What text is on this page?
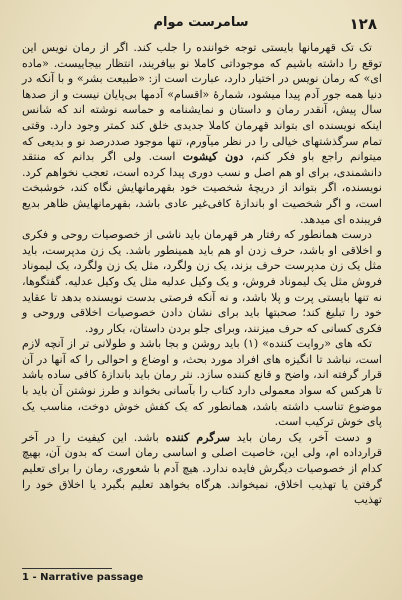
۱۲۸
سامرست موام

تک تک قهرمانها بایستی توجه خواننده را جلب کند. اگر از رمان نویس این توقع را داشته باشیم که موجوداتی کاملا نو بیافریند، انتظار بیجاییست. «ماده اى» که رمان نویس در اختیار دارد، عبارت است از: «طبیعت بشر» و با آنکه در دنیا همه جور آدم پیدا میشود، شمارهٔ «اقسام» آدمها بی‌پایان نیست و از صدها سال پیش، آنقدر رمان و داستان و نمایشنامه و حماسه نوشته اند که شانس اینکه نویسنده ای بتواند قهرمان کاملا جدیدی خلق کند کمتر وجود دارد. وقتی تمام سرگذشتهای خیالی را در نظر میآورم، تنها موجود صددرصد نو و بدیعی که میتوانم راجع باو فکر کنم، دون کیشوت است. ولی اگر بدانم که منتقد دانشمندی، برای او هم اصل و نسب دوری پیدا کرده است، تعجب نخواهم کرد. نویسنده، اگر بتواند از دریچهٔ شخصیت خود بقهرمانهایش نگاه کند، خوشبخت است، و اگر شخصیت او باندازهٔ کافی‌غیر عادی باشد، بقهرمانهایش ظاهر بدیع فریبنده ای میدهد.

درست همانطور که رفتار هر قهرمان باید ناشی از خصوصیات روحی و فکری و اخلاقی او باشد، حرف زدن او هم باید همینطور باشد. یک زن مدپرست، باید مثل یک زن مدپرست حرف بزند، یک زن ولگرد، مثل یک زن ولگرد، یک لیموناد فروش مثل یک لیموناد فروش، و یک وکیل عدلیه مثل یک وکیل عدلیه. گفتگوها، نه تنها بایستی پرت و پلا باشد، و نه آنکه فرصتی بدست نویسنده بدهد تا عقاید خود را تبلیغ کند؛ صحبتها باید برای نشان دادن خصوصیات اخلاقی وروحی و فکری کسانی که حرف میزنند، وبرای جلو بردن داستان، بکار رود.

تکه های «روایت کننده» (۱) باید روشن و بجا باشد و طولانی تر از آنچه لازم است، نباشد تا انگیزه های افراد مورد بحث، و اوضاع و احوالی را که آنها در آن قرار گرفته اند، واضح و قانع کننده سازد. نثر رمان باید باندازهٔ کافی ساده باشد تا هرکس که سواد معمولی دارد کتاب را بآسانی بخواند و طرز نوشتن آن باید با موضوع تناسب داشته باشد، همانطور که یک کفش خوش دوخت، مناسب یک پای خوش ترکیب است.

و دست آخر، یک رمان باید سرگرم کننده باشد. این کیفیت را در آخر قرارداده ام، ولی این، خاصیت اصلی و اساسی رمان است که بدون آن، بهیچ کدام از خصوصیات دیگرش فایده ندارد. هیچ آدم با شعوری، رمان را برای تعلیم گرفتن یا تهذیب اخلاق، نمیخواند. هرگاه بخواهد تعلیم بگیرد یا اخلاق خود را تهذیب

1 - Narrative passage
